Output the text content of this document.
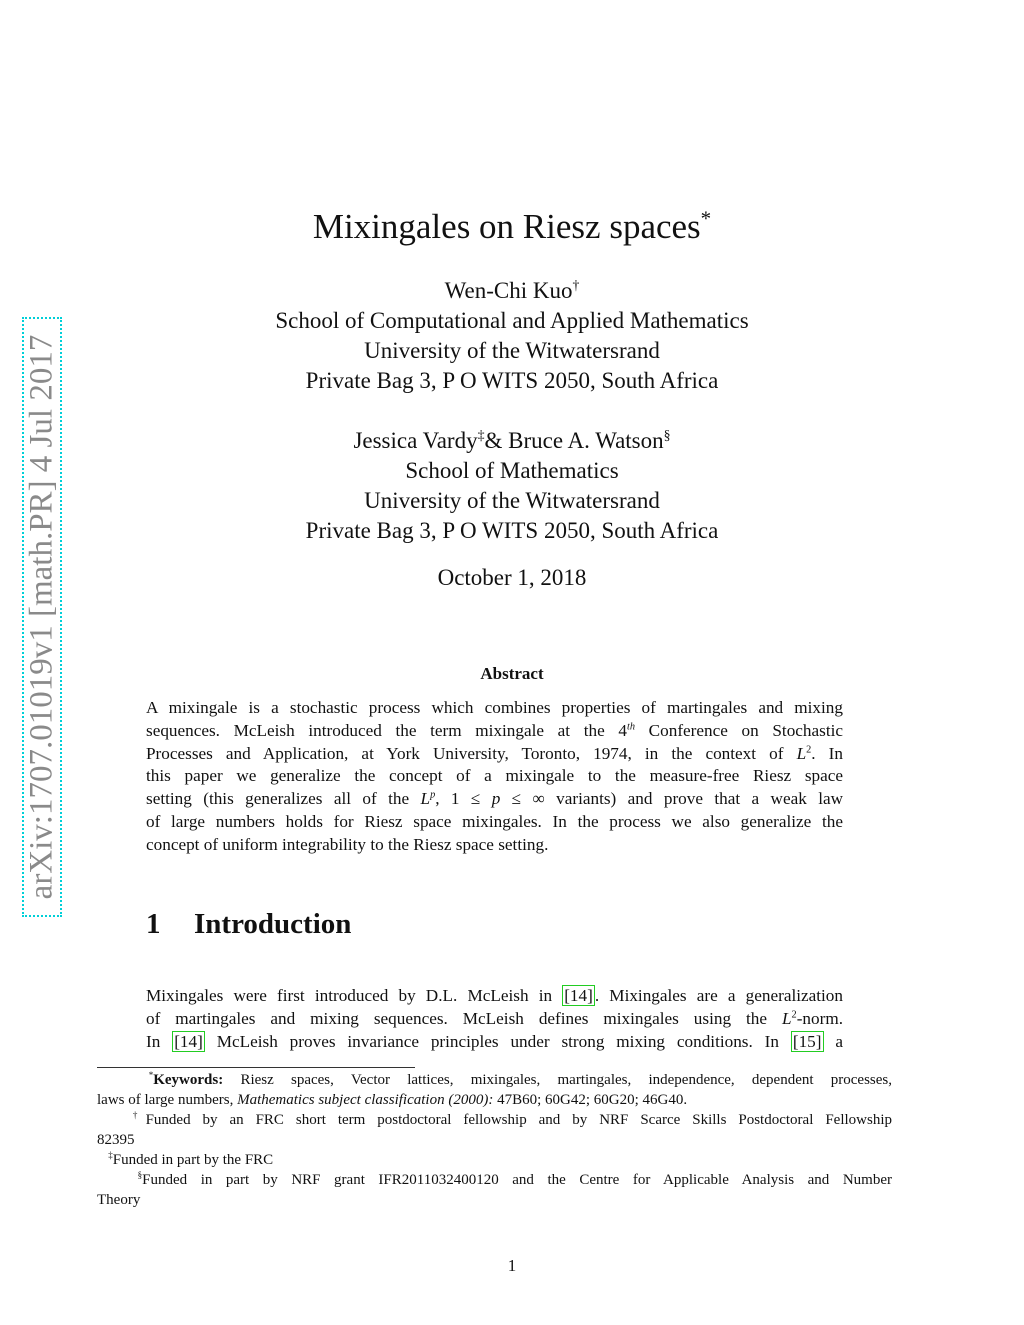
arXiv:1707.01019v1 [math.PR] 4 Jul 2017
Mixingales on Riesz spaces*
Wen-Chi Kuo†
School of Computational and Applied Mathematics
University of the Witwatersrand
Private Bag 3, P O WITS 2050, South Africa
Jessica Vardy‡& Bruce A. Watson§
School of Mathematics
University of the Witwatersrand
Private Bag 3, P O WITS 2050, South Africa
October 1, 2018
Abstract
A mixingale is a stochastic process which combines properties of martingales and mixing
sequences. McLeish introduced the term mixingale at the 4th Conference on Stochastic
Processes and Application, at York University, Toronto, 1974, in the context of $L^2$. In
this paper we generalize the concept of a mixingale to the measure-free Riesz space
setting (this generalizes all of the $L^p$, 1 ≤ p ≤ ∞ variants) and prove that a weak law
of large numbers holds for Riesz space mixingales. In the process we also generalize the
concept of uniform integrability to the Riesz space setting.
1 Introduction
Mixingales were first introduced by D.L. McLeish in [14] . Mixingales are a generalization
of martingales and mixing sequences. McLeish defines mixingales using the $L^2$-norm.
In [14] McLeish proves invariance principles under strong mixing conditions. In [15] a
*Keywords: Riesz spaces, Vector lattices, mixingales, martingales, independence, dependent processes,
laws of large numbers, Mathematics subject classification (2000): 47B60; 60G42; 60G20; 46G40.
†Funded by an FRC short term postdoctoral fellowship and by NRF Scarce Skills Postdoctoral Fellowship
82395
‡Funded in part by the FRC
§Funded in part by NRF grant IFR2011032400120 and the Centre for Applicable Analysis and Number
Theory
1
